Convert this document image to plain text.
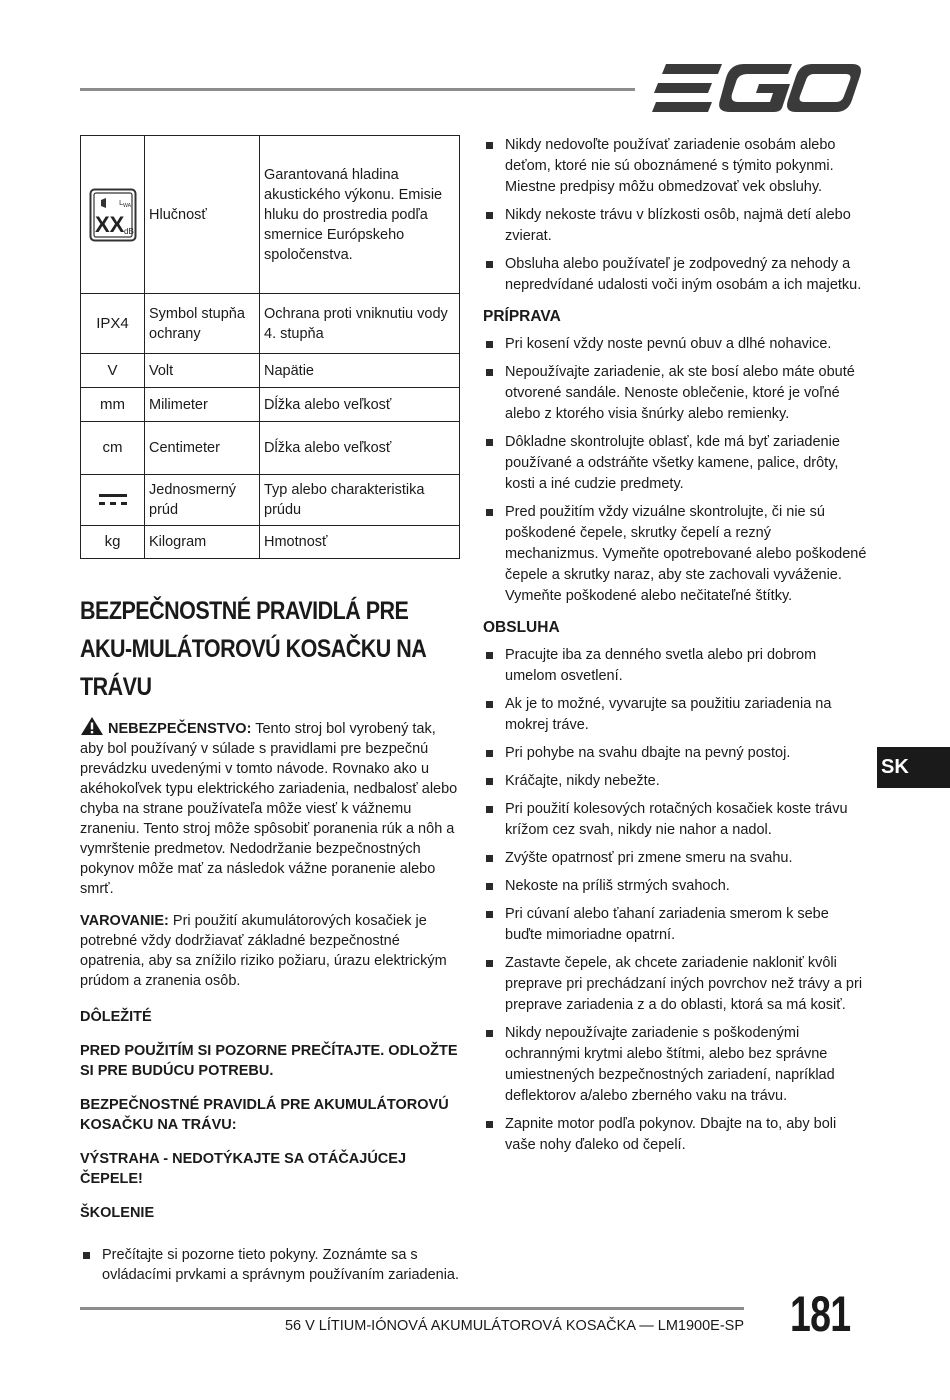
L WA
XX dB	Hlučnosť	Garantovaná hladina akustického výkonu. Emisie hluku do prostredia podľa smernice Európskeho spoločenstva.
IPX4	Symbol stupňa ochrany	Ochrana proti vniknutiu vody 4. stupňa
V	Volt	Napätie
mm	Milimeter	Dĺžka alebo veľkosť
cm	Centimeter	Dĺžka alebo veľkosť

	Jednosmerný prúd	Typ alebo charakteristika prúdu
kg	Kilogram	Hmotnosť
BEZPEČNOSTNÉ PRAVIDLÁ PRE AKU-MULÁTOROVÚ KOSAČKU NA TRÁVU

NEBEZPEČENSTVO: Tento stroj bol vyrobený tak, aby bol používaný v súlade s pravidlami pre bezpečnú prevádzku uvedenými v tomto návode. Rovnako ako u akéhokoľvek typu elektrického zariadenia, nedbalosť alebo chyba na strane používateľa môže viesť k vážnemu zraneniu. Tento stroj môže spôsobiť poranenia rúk a nôh a vymrštenie predmetov. Nedodržanie bezpečnostných pokynov môže mať za následok vážne poranenie alebo smrť.

VAROVANIE: Pri použití akumulátorových kosačiek je potrebné vždy dodržiavať základné bezpečnostné opatrenia, aby sa znížilo riziko požiaru, úrazu elektrickým prúdom a zranenia osôb.

DÔLEŽITÉ

PRED POUŽITÍM SI POZORNE PREČÍTAJTE. ODLOŽTE SI PRE BUDÚCU POTREBU.

BEZPEČNOSTNÉ PRAVIDLÁ PRE AKUMULÁTOROVÚ KOSAČKU NA TRÁVU:

VÝSTRAHA - NEDOTÝKAJTE SA OTÁČAJÚCEJ ČEPELE!

ŠKOLENIE

Prečítajte si pozorne tieto pokyny. Zoznámte sa s ovládacími prvkami a správnym používaním zariadenia.
Nikdy nedovoľte používať zariadenie osobám alebo deťom, ktoré nie sú oboznámené s týmito pokynmi. Miestne predpisy môžu obmedzovať vek obsluhy.
Nikdy nekoste trávu v blízkosti osôb, najmä detí alebo zvierat.
Obsluha alebo používateľ je zodpovedný za nehody a nepredvídané udalosti voči iným osobám a ich majetku.
PRÍPRAVA
Pri kosení vždy noste pevnú obuv a dlhé nohavice.
Nepoužívajte zariadenie, ak ste bosí alebo máte obuté otvorené sandále. Nenoste oblečenie, ktoré je voľné alebo z ktorého visia šnúrky alebo remienky.
Dôkladne skontrolujte oblasť, kde má byť zariadenie používané a odstráňte všetky kamene, palice, drôty, kosti a iné cudzie predmety.
Pred použitím vždy vizuálne skontrolujte, či nie sú poškodené čepele, skrutky čepelí a rezný mechanizmus. Vymeňte opotrebované alebo poškodené čepele a skrutky naraz, aby ste zachovali vyváženie. Vymeňte poškodené alebo nečitateľné štítky.
OBSLUHA
Pracujte iba za denného svetla alebo pri dobrom umelom osvetlení.
Ak je to možné, vyvarujte sa použitiu zariadenia na mokrej tráve.
Pri pohybe na svahu dbajte na pevný postoj.
Kráčajte, nikdy nebežte.
Pri použití kolesových rotačných kosačiek koste trávu krížom cez svah, nikdy nie nahor a nadol.
Zvýšte opatrnosť pri zmene smeru na svahu.
Nekoste na príliš strmých svahoch.
Pri cúvaní alebo ťahaní zariadenia smerom k sebe buďte mimoriadne opatrní.
Zastavte čepele, ak chcete zariadenie nakloniť kvôli preprave pri prechádzaní iných povrchov než trávy a pri preprave zariadenia z a do oblasti, ktorá sa má kosiť.
Nikdy nepoužívajte zariadenie s poškodenými ochrannými krytmi alebo štítmi, alebo bez správne umiestnených bezpečnostných zariadení, napríklad deflektorov a/alebo zberného vaku na trávu.
Zapnite motor podľa pokynov. Dbajte na to, aby boli vaše nohy ďaleko od čepelí.
SK
56 V LÍTIUM-IÓNOVÁ AKUMULÁTOROVÁ KOSAČKA — LM1900E-SP 181
